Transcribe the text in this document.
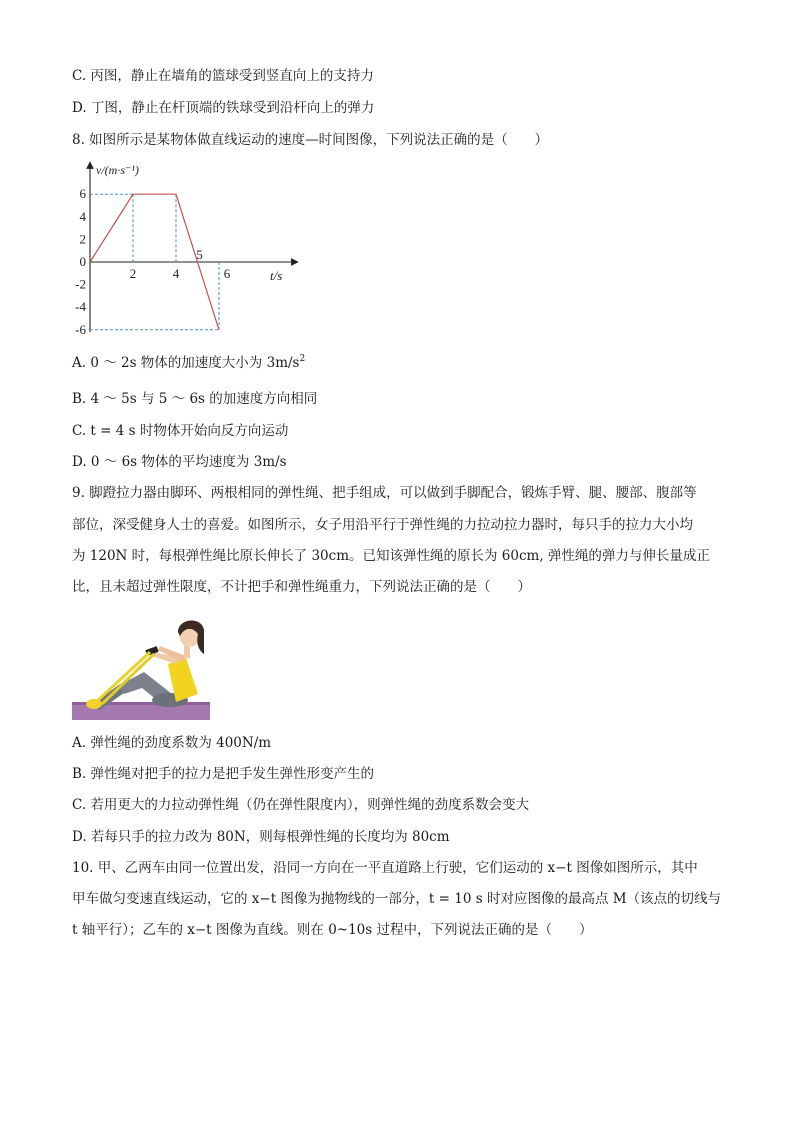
C. 丙图，静止在墙角的篮球受到竖直向上的支持力
D. 丁图，静止在杆顶端的铁球受到沿杆向上的弹力
8. 如图所示是某物体做直线运动的速度—时间图像，下列说法正确的是（　　）
6
4
2
0
-2
-4
-6
2	4
5
6
v/(m·s⁻¹)
t/s
A. 0 ～ 2s 物体的加速度大小为 $3m/s^2$
B. 4 ～ 5s 与 5 ～ 6s 的加速度方向相同
C. t = 4 s 时物体开始向反方向运动
D. 0 ～ 6s 物体的平均速度为 3m/s
9. 脚蹬拉力器由脚环、两根相同的弹性绳、把手组成，可以做到手脚配合，锻炼手臂、腿、腰部、腹部等
部位，深受健身人士的喜爱。如图所示，女子用沿平行于弹性绳的力拉动拉力器时，每只手的拉力大小均
为 120N 时，每根弹性绳比原长伸长了 30cm。已知该弹性绳的原长为 60cm, 弹性绳的弹力与伸长量成正
比，且未超过弹性限度，不计把手和弹性绳重力，下列说法正确的是（　　）
A. 弹性绳的劲度系数为 400N/m
B. 弹性绳对把手的拉力是把手发生弹性形变产生的
C. 若用更大的力拉动弹性绳（仍在弹性限度内），则弹性绳的劲度系数会变大
D. 若每只手的拉力改为 80N，则每根弹性绳的长度均为 80cm
10. 甲、乙两车由同一位置出发，沿同一方向在一平直道路上行驶，它们运动的 x−t 图像如图所示，其中
甲车做匀变速直线运动，它的 x−t 图像为抛物线的一部分，t = 10 s 时对应图像的最高点 M（该点的切线与
t 轴平行）；乙车的 x−t 图像为直线。则在 0~10s 过程中，下列说法正确的是（　　）
